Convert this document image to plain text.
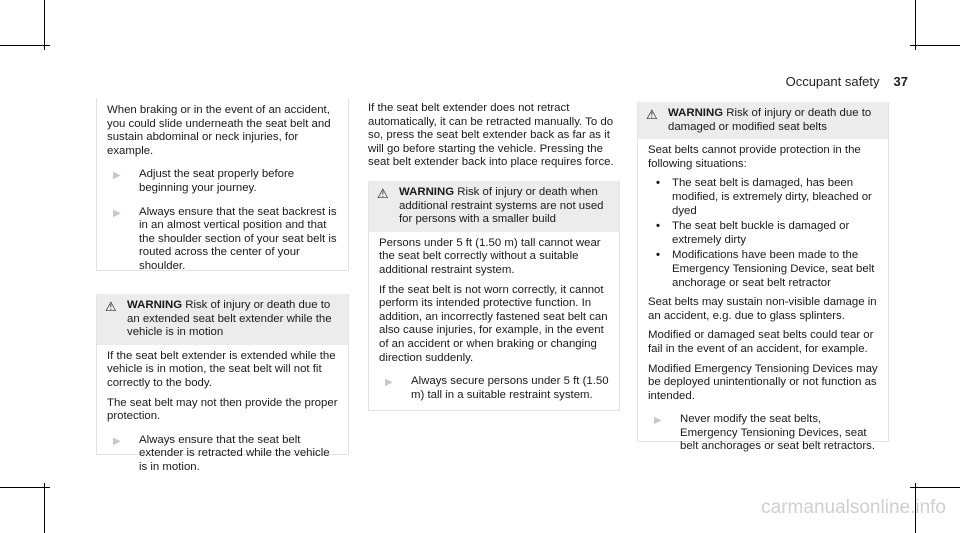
Occupant safety 37

When braking or in the event of an accident, you could slide underneath the seat belt and sustain abdominal or neck injuries, for example.

▶	Adjust the seat properly before beginning your journey.
▶	Always ensure that the seat backrest is in an almost vertical position and that the shoulder section of your seat belt is routed across the center of your shoulder.
⚠ WARNING Risk of injury or death due to an extended seat belt extender while the vehicle is in motion

If the seat belt extender is extended while the vehicle is in motion, the seat belt will not fit correctly to the body.

The seat belt may not then provide the proper protection.

▶	Always ensure that the seat belt extender is retracted while the vehicle is in motion.

If the seat belt extender does not retract automatically, it can be retracted manually. To do so, press the seat belt extender back as far as it will go before starting the vehicle. Pressing the seat belt extender back into place requires force.

⚠ WARNING Risk of injury or death when additional restraint systems are not used for persons with a smaller build

Persons under 5 ft (1.50 m) tall cannot wear the seat belt correctly without a suitable additional restraint system.

If the seat belt is not worn correctly, it cannot perform its intended protective function. In addition, an incorrectly fastened seat belt can also cause injuries, for example, in the event of an accident or when braking or changing direction suddenly.

▶	Always secure persons under 5 ft (1.50 m) tall in a suitable restraint system.
⚠ WARNING Risk of injury or death due to damaged or modified seat belts

Seat belts cannot provide protection in the following situations:

•	The seat belt is damaged, has been modified, is extremely dirty, bleached or dyed
•	The seat belt buckle is damaged or extremely dirty
•	Modifications have been made to the Emergency Tensioning Device, seat belt anchorage or seat belt retractor

Seat belts may sustain non-visible damage in an accident, e.g. due to glass splinters.

Modified or damaged seat belts could tear or fail in the event of an accident, for example.

Modified Emergency Tensioning Devices may be deployed unintentionally or not function as intended.

▶	Never modify the seat belts, Emergency Tensioning Devices, seat belt anchorages or seat belt retractors.
carmanualsonline.info
